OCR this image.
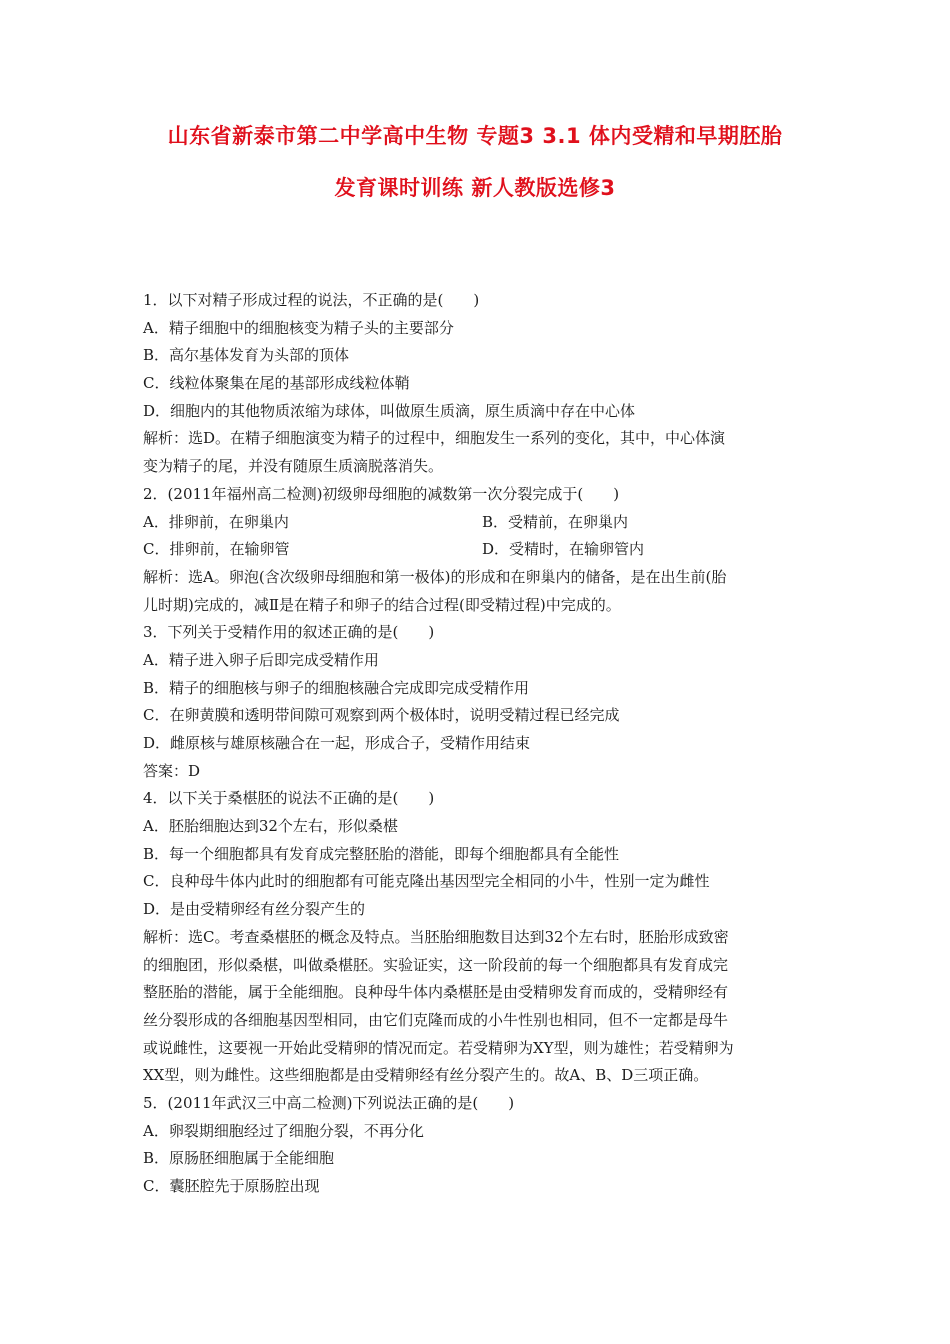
山东省新泰市第二中学高中生物 专题3 3.1 体内受精和早期胚胎
发育课时训练 新人教版选修3
1．以下对精子形成过程的说法，不正确的是(　　)
A．精子细胞中的细胞核变为精子头的主要部分
B．高尔基体发育为头部的顶体
C．线粒体聚集在尾的基部形成线粒体鞘
D．细胞内的其他物质浓缩为球体，叫做原生质滴，原生质滴中存在中心体
解析：选D。在精子细胞演变为精子的过程中，细胞发生一系列的变化，其中，中心体演
变为精子的尾，并没有随原生质滴脱落消失。
2．(2011年福州高二检测)初级卵母细胞的减数第一次分裂完成于(　　)
A．排卵前，在卵巢内	B．受精前，在卵巢内
C．排卵前，在输卵管	D．受精时，在输卵管内
解析：选A。卵泡(含次级卵母细胞和第一极体)的形成和在卵巢内的储备，是在出生前(胎
儿时期)完成的，减Ⅱ是在精子和卵子的结合过程(即受精过程)中完成的。
3．下列关于受精作用的叙述正确的是(　　)
A．精子进入卵子后即完成受精作用
B．精子的细胞核与卵子的细胞核融合完成即完成受精作用
C．在卵黄膜和透明带间隙可观察到两个极体时，说明受精过程已经完成
D．雌原核与雄原核融合在一起，形成合子，受精作用结束
答案：D
4．以下关于桑椹胚的说法不正确的是(　　)
A．胚胎细胞达到32个左右，形似桑椹
B．每一个细胞都具有发育成完整胚胎的潜能，即每个细胞都具有全能性
C．良种母牛体内此时的细胞都有可能克隆出基因型完全相同的小牛，性别一定为雌性
D．是由受精卵经有丝分裂产生的
解析：选C。考查桑椹胚的概念及特点。当胚胎细胞数目达到32个左右时，胚胎形成致密
的细胞团，形似桑椹，叫做桑椹胚。实验证实，这一阶段前的每一个细胞都具有发育成完
整胚胎的潜能，属于全能细胞。良种母牛体内桑椹胚是由受精卵发育而成的，受精卵经有
丝分裂形成的各细胞基因型相同，由它们克隆而成的小牛性别也相同，但不一定都是母牛
或说雌性，这要视一开始此受精卵的情况而定。若受精卵为XY型，则为雄性；若受精卵为
XX型，则为雌性。这些细胞都是由受精卵经有丝分裂产生的。故A、B、D三项正确。
5．(2011年武汉三中高二检测)下列说法正确的是(　　)
A．卵裂期细胞经过了细胞分裂，不再分化
B．原肠胚细胞属于全能细胞
C．囊胚腔先于原肠腔出现
